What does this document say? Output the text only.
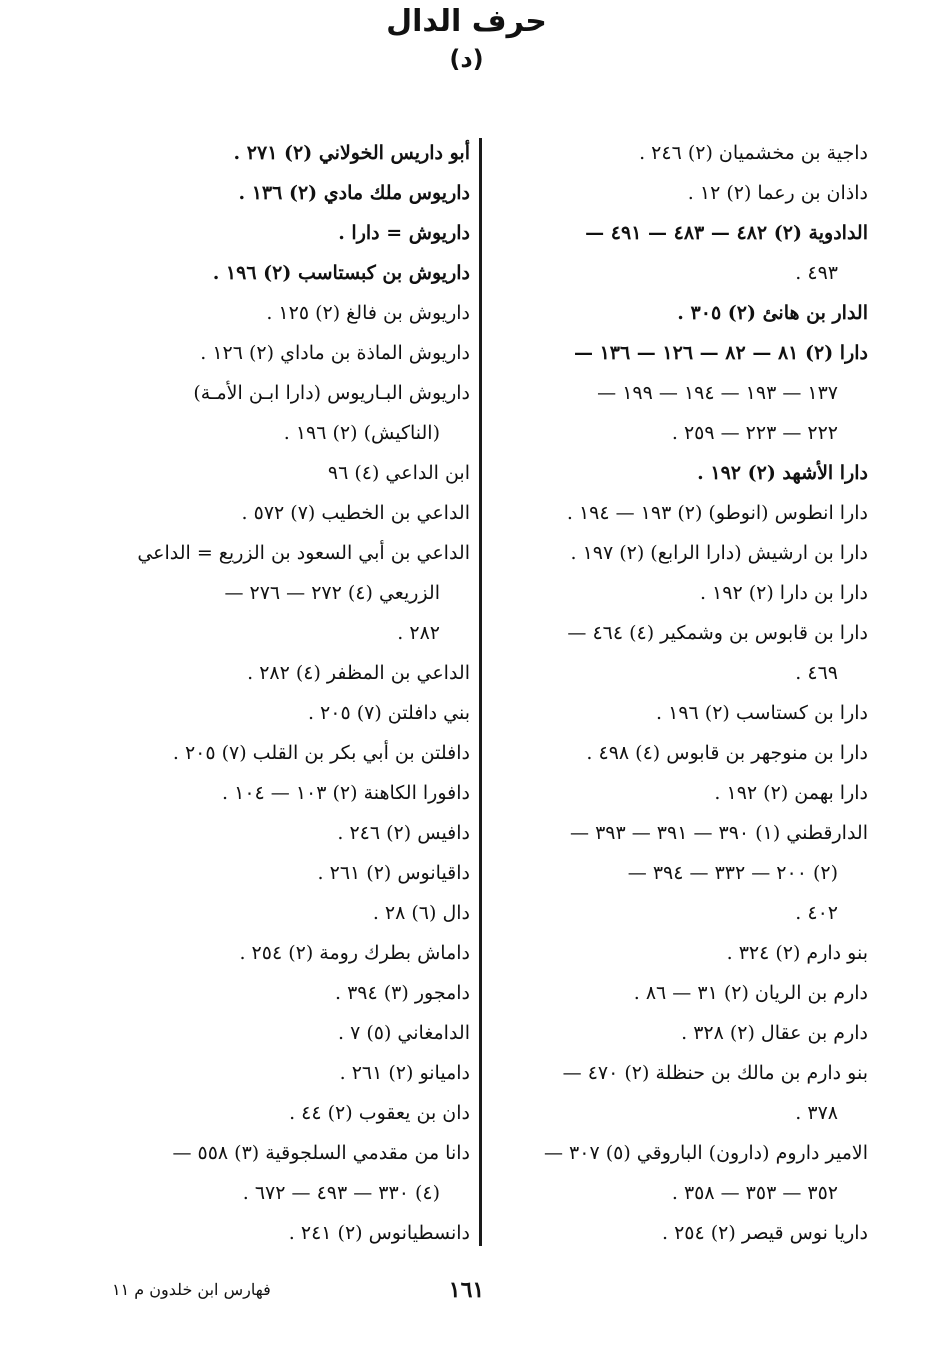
حرف الدال
(د)
داجية بن مخشميان (٢) ٢٤٦ .
داذان بن رعما (٢) ١٢ .
الدادوية (٢) ٤٨٢ — ٤٨٣ — ٤٩١ —
٤٩٣ .
الدار بن هانئ (٢) ٣٠٥ .
دارا (٢) ٨١ — ٨٢ — ١٢٦ — ١٣٦ —
١٣٧ — ١٩٣ — ١٩٤ — ١٩٩ —
٢٢٢ — ٢٢٣ — ٢٥٩ .
دارا الأشهد (٢) ١٩٢ .
دارا انطوس (انوطو) (٢) ١٩٣ — ١٩٤ .
دارا بن ارشيش (دارا الرابع) (٢) ١٩٧ .
دارا بن دارا (٢) ١٩٢ .
دارا بن قابوس بن وشمكير (٤) ٤٦٤ —
٤٦٩ .
دارا بن كستاسب (٢) ١٩٦ .
دارا بن منوجهر بن قابوس (٤) ٤٩٨ .
دارا بهمن (٢) ١٩٢ .
الدارقطني (١) ٣٩٠ — ٣٩١ — ٣٩٣ —
(٢) ٢٠٠ — ٣٣٢ — ٣٩٤ —
٤٠٢ .
بنو دارم (٢) ٣٢٤ .
دارم بن الريان (٢) ٣١ — ٨٦ .
دارم بن عقال (٢) ٣٢٨ .
بنو دارم بن مالك بن حنظلة (٢) ٤٧٠ —
٣٧٨ .
الامير داروم (دارون) الباروقي (٥) ٣٠٧ —
٣٥٢ — ٣٥٣ — ٣٥٨ .
داريا نوس قيصر (٢) ٢٥٤ .
أبو داريس الخولاني (٢) ٢٧١ .
داريوس ملك مادي (٢) ١٣٦ .
داريوش = دارا .
داريوش بن كبستاسب (٢) ١٩٦ .
داريوش بن فالغ (٢) ١٢٥ .
داريوش الماذة بن ماداي (٢) ١٢٦ .
داريوش البـاريوس (دارا ابـن الأمـة)
(الناكيش) (٢) ١٩٦ .
ابن الداعي (٤) ٩٦
الداعي بن الخطيب (٧) ٥٧٢ .
الداعي بن أبي السعود بن الزريع = الداعي
الزريعي (٤) ٢٧٢ — ٢٧٦ —
٢٨٢ .
الداعي بن المظفر (٤) ٢٨٢ .
بني دافلتن (٧) ٢٠٥ .
دافلتن بن أبي بكر بن القلب (٧) ٢٠٥ .
دافورا الكاهنة (٢) ١٠٣ — ١٠٤ .
دافيس (٢) ٢٤٦ .
داقيانوس (٢) ٢٦١ .
دال (٦) ٢٨ .
داماش بطرك رومة (٢) ٢٥٤ .
دامجور (٣) ٣٩٤ .
الدامغاني (٥) ٧ .
داميانو (٢) ٢٦١ .
دان بن يعقوب (٢) ٤٤ .
دانا من مقدمي السلجوقية (٣) ٥٥٨ —
(٤) ٣٣٠ — ٤٩٣ — ٦٧٢ .
دانسطيانوس (٢) ٢٤١ .
١٦١
فهارس ابن خلدون م ١١
